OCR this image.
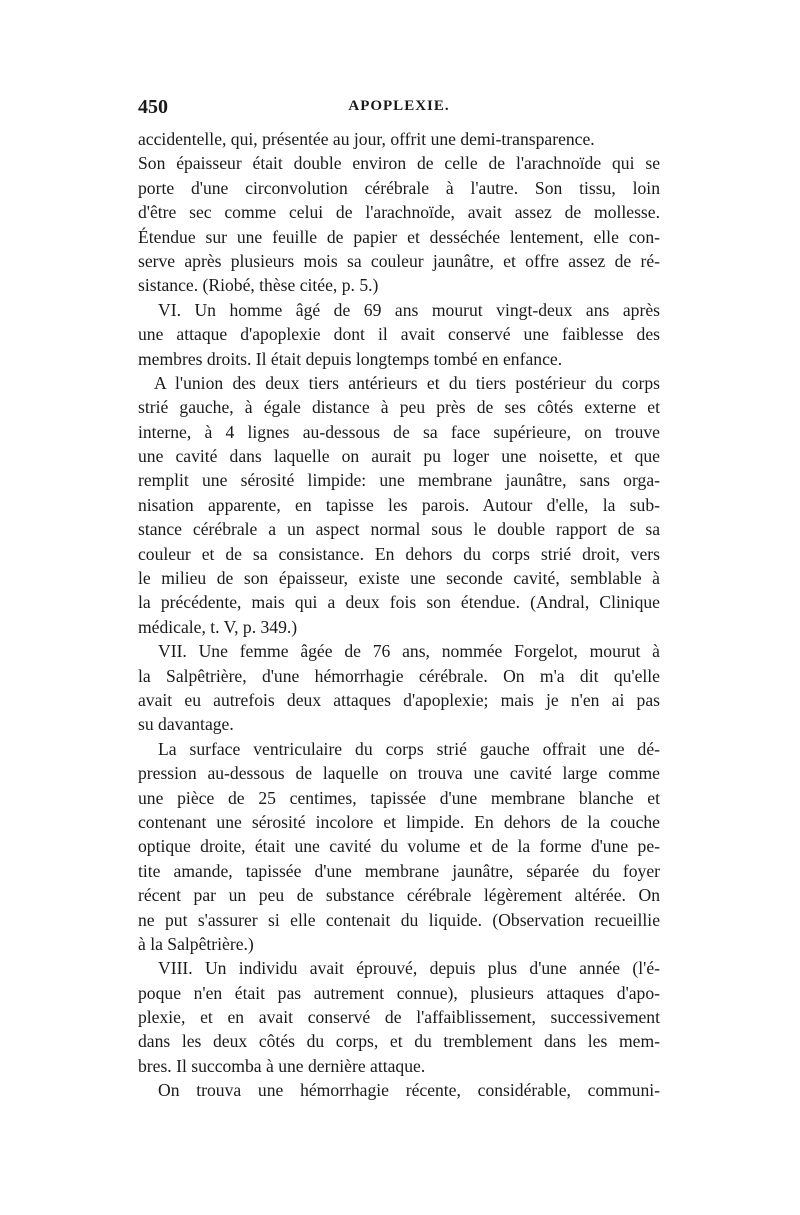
450	APOPLEXIE.
accidentelle, qui, présentée au jour, offrit une demi-transparence.
Son épaisseur était double environ de celle de l'arachnoïde qui se
porte d'une circonvolution cérébrale à l'autre. Son tissu, loin
d'être sec comme celui de l'arachnoïde, avait assez de mollesse.
Étendue sur une feuille de papier et desséchée lentement, elle con-
serve après plusieurs mois sa couleur jaunâtre, et offre assez de ré-
sistance. (Riobé, thèse citée, p. 5.)
VI. Un homme âgé de 69 ans mourut vingt-deux ans après
une attaque d'apoplexie dont il avait conservé une faiblesse des
membres droits. Il était depuis longtemps tombé en enfance.
A l'union des deux tiers antérieurs et du tiers postérieur du corps
strié gauche, à égale distance à peu près de ses côtés externe et
interne, à 4 lignes au-dessous de sa face supérieure, on trouve
une cavité dans laquelle on aurait pu loger une noisette, et que
remplit une sérosité limpide: une membrane jaunâtre, sans orga-
nisation apparente, en tapisse les parois. Autour d'elle, la sub-
stance cérébrale a un aspect normal sous le double rapport de sa
couleur et de sa consistance. En dehors du corps strié droit, vers
le milieu de son épaisseur, existe une seconde cavité, semblable à
la précédente, mais qui a deux fois son étendue. (Andral, Clinique
médicale, t. V, p. 349.)
VII. Une femme âgée de 76 ans, nommée Forgelot, mourut à
la Salpêtrière, d'une hémorrhagie cérébrale. On m'a dit qu'elle
avait eu autrefois deux attaques d'apoplexie; mais je n'en ai pas
su davantage.
La surface ventriculaire du corps strié gauche offrait une dé-
pression au-dessous de laquelle on trouva une cavité large comme
une pièce de 25 centimes, tapissée d'une membrane blanche et
contenant une sérosité incolore et limpide. En dehors de la couche
optique droite, était une cavité du volume et de la forme d'une pe-
tite amande, tapissée d'une membrane jaunâtre, séparée du foyer
récent par un peu de substance cérébrale légèrement altérée. On
ne put s'assurer si elle contenait du liquide. (Observation recueillie
à la Salpêtrière.)
VIII. Un individu avait éprouvé, depuis plus d'une année (l'é-
poque n'en était pas autrement connue), plusieurs attaques d'apo-
plexie, et en avait conservé de l'affaiblissement, successivement
dans les deux côtés du corps, et du tremblement dans les mem-
bres. Il succomba à une dernière attaque.
On trouva une hémorrhagie récente, considérable, communi-
